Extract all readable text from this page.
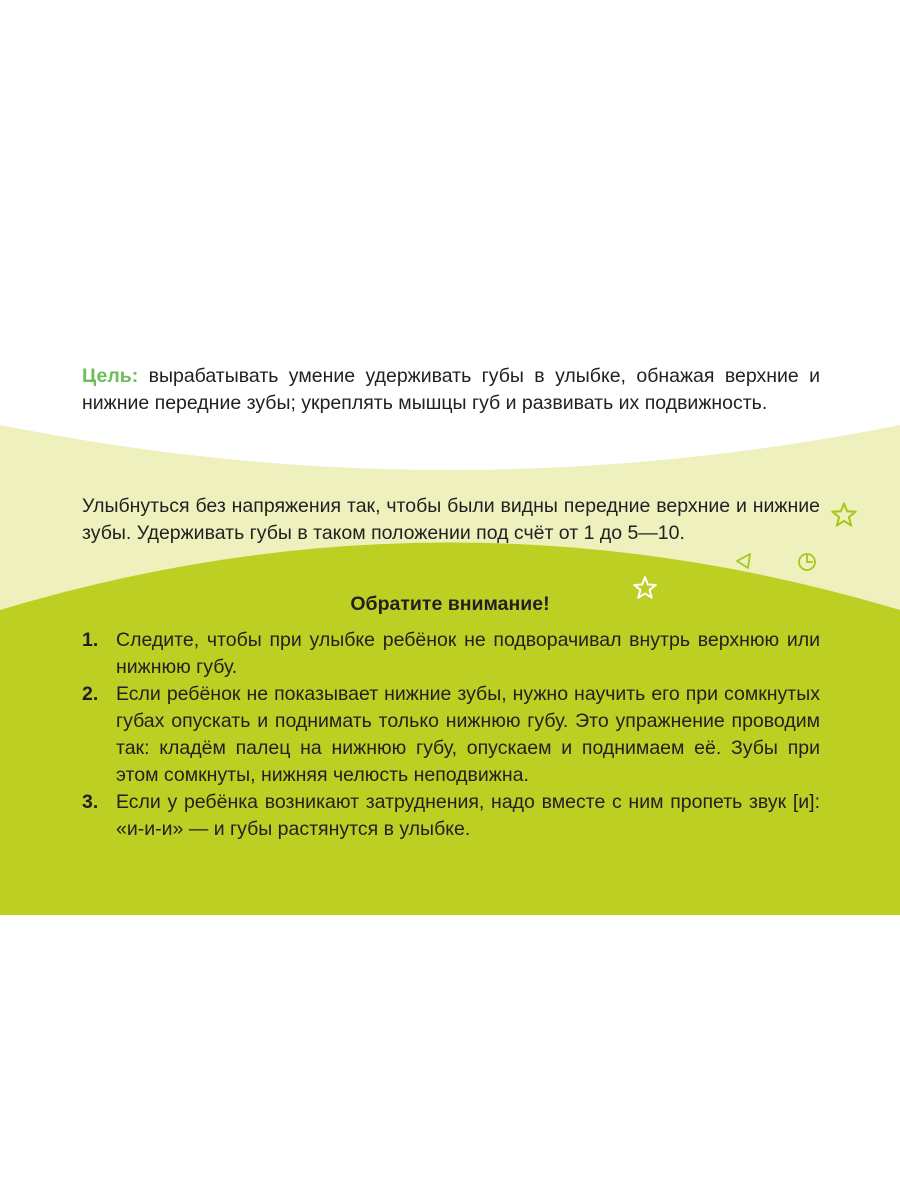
Цель: вырабатывать умение удерживать губы в улыбке, обнажая верхние и нижние передние зубы; укреплять мышцы губ и развивать их подвижность.
Улыбнуться без напряжения так, чтобы были видны передние верхние и нижние зубы. Удерживать губы в таком положении под счёт от 1 до 5—10.
Обратите внимание!
1. Следите, чтобы при улыбке ребёнок не подворачивал внутрь верхнюю или нижнюю губу.
2. Если ребёнок не показывает нижние зубы, нужно научить его при сомкнутых губах опускать и поднимать только нижнюю губу. Это упражнение проводим так: кладём палец на нижнюю губу, опускаем и поднимаем её. Зубы при этом сомкнуты, нижняя челюсть неподвижна.
3. Если у ребёнка возникают затруднения, надо вместе с ним пропеть звук [и]: «и-и-и» — и губы растянутся в улыбке.
